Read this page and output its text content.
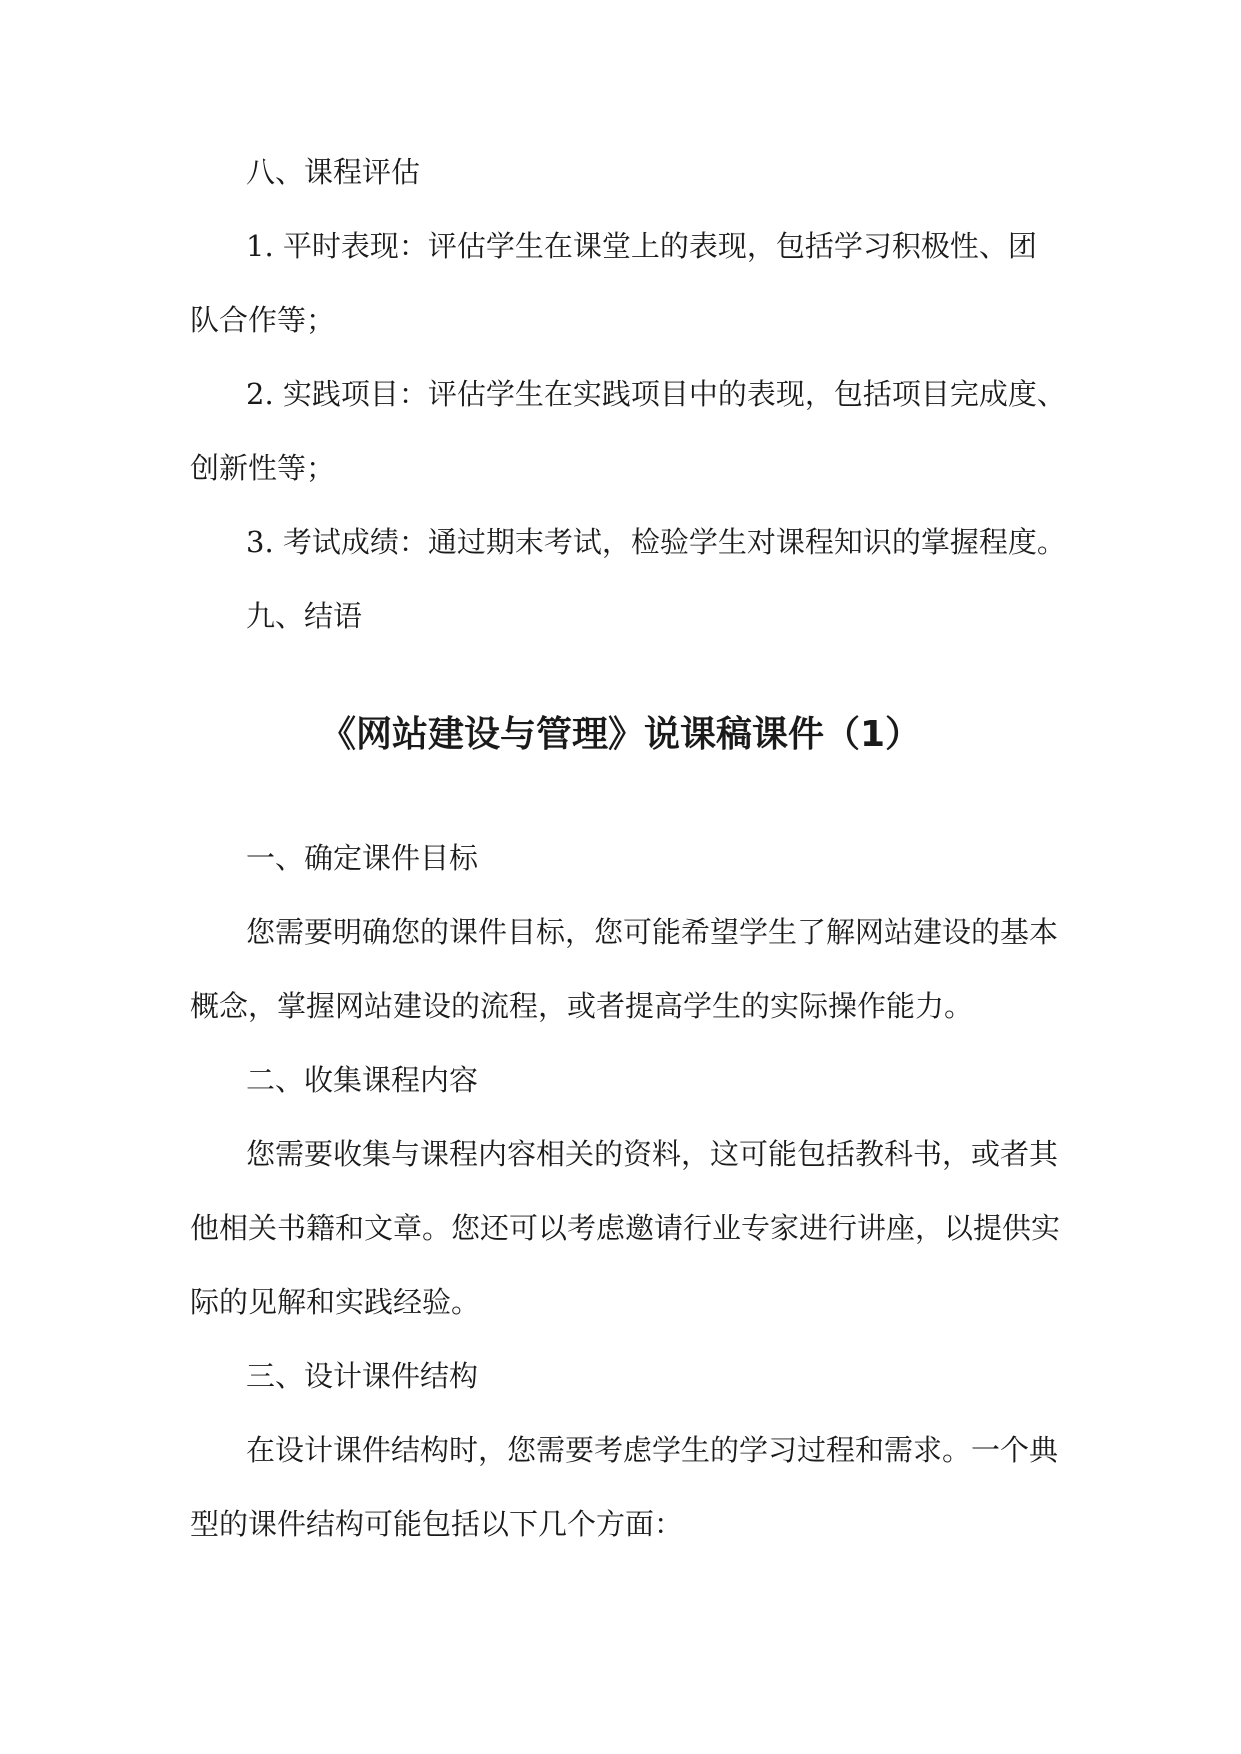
八、课程评估
1. 平时表现：评估学生在课堂上的表现，包括学习积极性、团
队合作等；
2. 实践项目：评估学生在实践项目中的表现，包括项目完成度、
创新性等；
3. 考试成绩：通过期末考试，检验学生对课程知识的掌握程度。
九、结语
《网站建设与管理》说课稿课件（1）
一、确定课件目标
您需要明确您的课件目标，您可能希望学生了解网站建设的基本
概念，掌握网站建设的流程，或者提高学生的实际操作能力。
二、收集课程内容
您需要收集与课程内容相关的资料，这可能包括教科书，或者其
他相关书籍和文章。您还可以考虑邀请行业专家进行讲座，以提供实
际的见解和实践经验。
三、设计课件结构
在设计课件结构时，您需要考虑学生的学习过程和需求。一个典
型的课件结构可能包括以下几个方面：
